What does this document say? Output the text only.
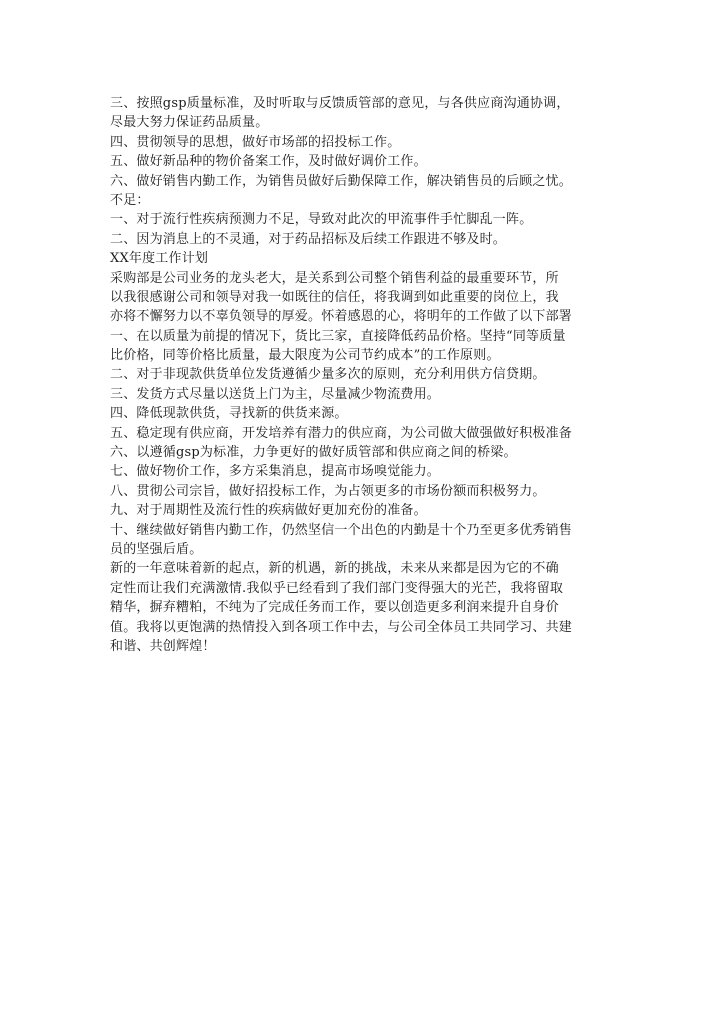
三、按照gsp质量标准，及时听取与反馈质管部的意见，与各供应商沟通协调，
尽最大努力保证药品质量。
四、贯彻领导的思想，做好市场部的招投标工作。
五、做好新品种的物价备案工作，及时做好调价工作。
六、做好销售内勤工作，为销售员做好后勤保障工作，解决销售员的后顾之忧。
不足：
一、对于流行性疾病预测力不足，导致对此次的甲流事件手忙脚乱一阵。
二、因为消息上的不灵通，对于药品招标及后续工作跟进不够及时。
XX年度工作计划
采购部是公司业务的龙头老大，是关系到公司整个销售利益的最重要环节，所
以我很感谢公司和领导对我一如既往的信任，将我调到如此重要的岗位上，我
亦将不懈努力以不辜负领导的厚爱。怀着感恩的心，将明年的工作做了以下部署
一、在以质量为前提的情况下，货比三家，直接降低药品价格。坚持“同等质量
比价格，同等价格比质量，最大限度为公司节约成本”的工作原则。
二、对于非现款供货单位发货遵循少量多次的原则，充分利用供方信贷期。
三、发货方式尽量以送货上门为主，尽量减少物流费用。
四、降低现款供货，寻找新的供货来源。
五、稳定现有供应商，开发培养有潜力的供应商，为公司做大做强做好积极准备
六、以遵循gsp为标准，力争更好的做好质管部和供应商之间的桥梁。
七、做好物价工作，多方采集消息，提高市场嗅觉能力。
八、贯彻公司宗旨，做好招投标工作，为占领更多的市场份额而积极努力。
九、对于周期性及流行性的疾病做好更加充份的准备。
十、继续做好销售内勤工作，仍然坚信一个出色的内勤是十个乃至更多优秀销售
员的坚强后盾。
新的一年意味着新的起点，新的机遇，新的挑战，未来从来都是因为它的不确
定性而让我们充满激情.我似乎已经看到了我们部门变得强大的光芒，我将留取
精华，摒弃糟粕，不纯为了完成任务而工作，要以创造更多利润来提升自身价
值。我将以更饱满的热情投入到各项工作中去，与公司全体员工共同学习、共建
和谐、共创辉煌！
